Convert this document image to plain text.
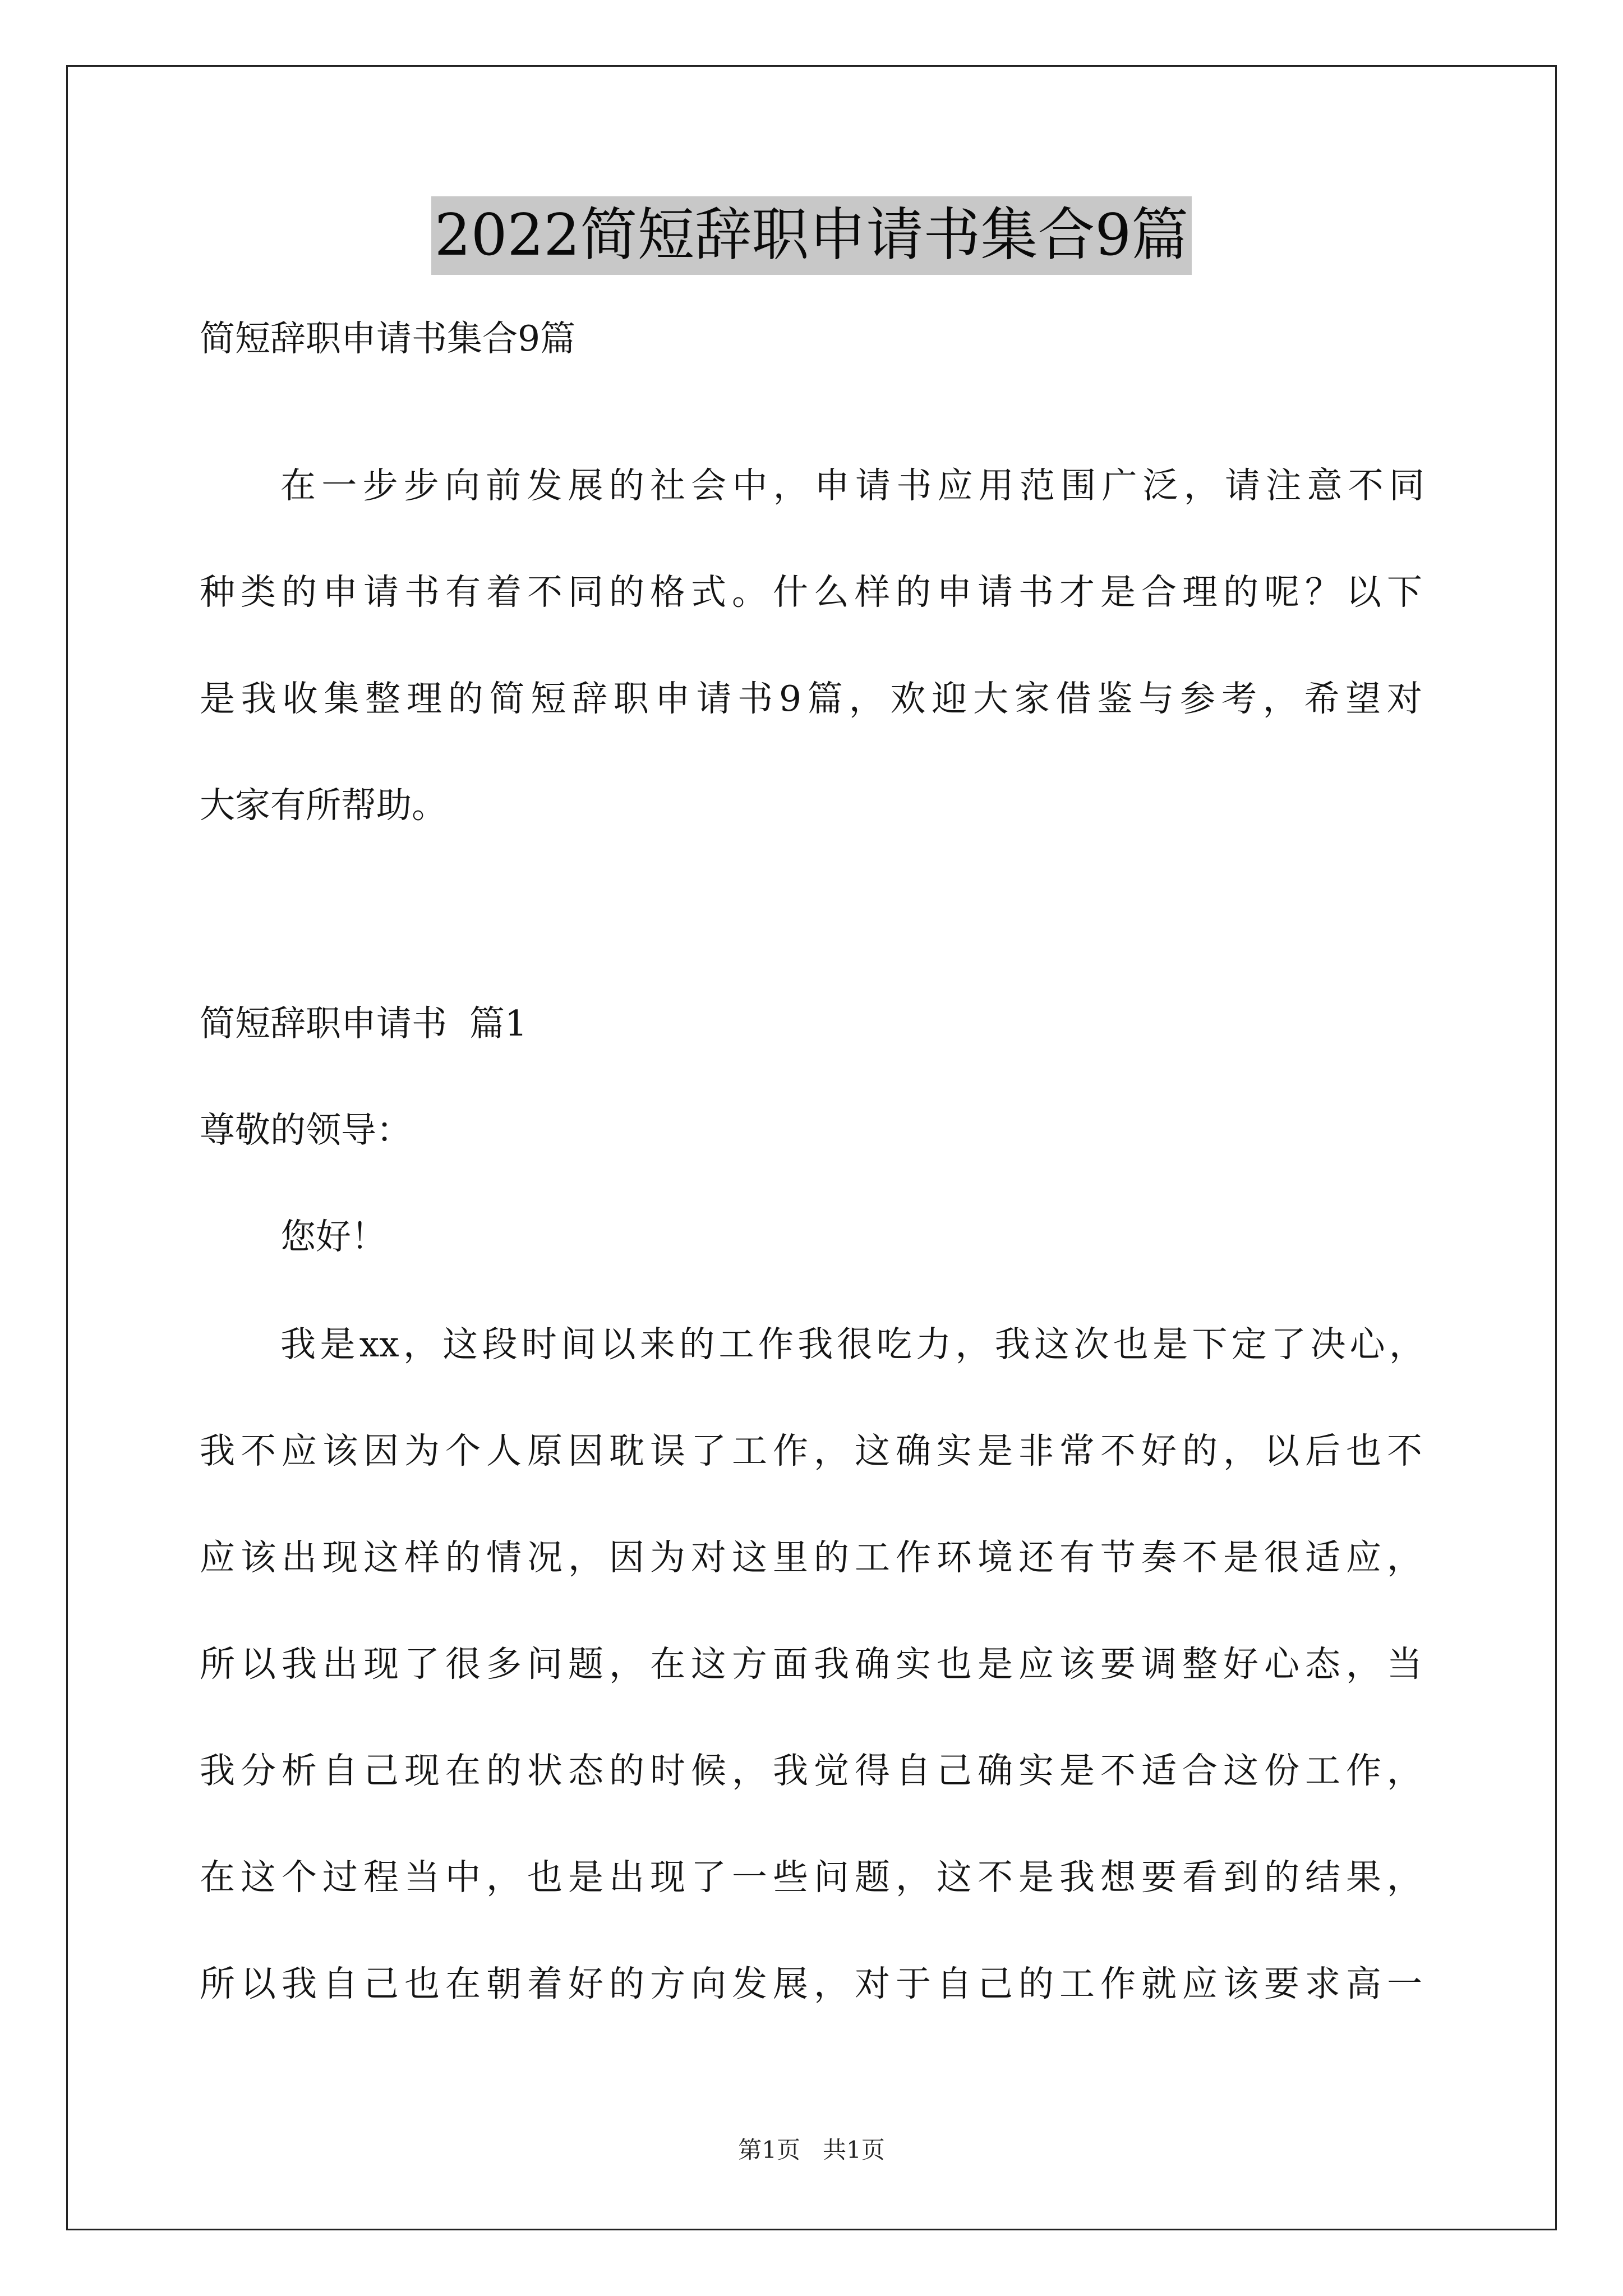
2022简短辞职申请书集合9篇
简短辞职申请书集合9篇
在一步步向前发展的社会中，申请书应用范围广泛，请注意不同
种类的申请书有着不同的格式。什么样的申请书才是合理的呢？以下
是我收集整理的简短辞职申请书9篇，欢迎大家借鉴与参考，希望对
大家有所帮助。
简短辞职申请书  篇1
尊敬的领导：
您好！
我是xx，这段时间以来的工作我很吃力，我这次也是下定了决心，
我不应该因为个人原因耽误了工作，这确实是非常不好的，以后也不
应该出现这样的情况，因为对这里的工作环境还有节奏不是很适应，
所以我出现了很多问题，在这方面我确实也是应该要调整好心态，当
我分析自己现在的状态的时候，我觉得自己确实是不适合这份工作，
在这个过程当中，也是出现了一些问题，这不是我想要看到的结果，
所以我自己也在朝着好的方向发展，对于自己的工作就应该要求高一
第1页   共1页
